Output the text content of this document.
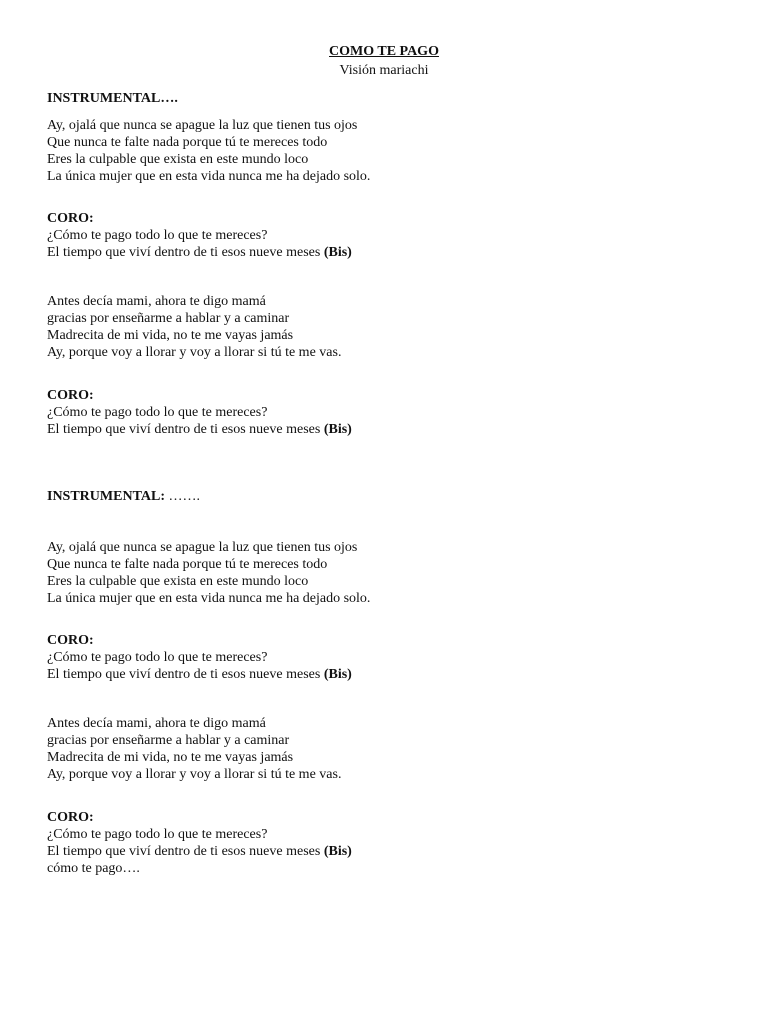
COMO TE PAGO
Visión mariachi
INSTRUMENTAL….
Ay, ojalá que nunca se apague la luz que tienen tus ojos
Que nunca te falte nada porque tú te mereces todo
Eres la culpable que exista en este mundo loco
La única mujer que en esta vida nunca me ha dejado solo.
CORO:
¿Cómo te pago todo lo que te mereces?
El tiempo que viví dentro de ti esos nueve meses (Bis)
Antes decía mami, ahora te digo mamá
gracias por enseñarme a hablar y a caminar
Madrecita de mi vida, no te me vayas jamás
Ay, porque voy a llorar y voy a llorar si tú te me vas.
CORO:
¿Cómo te pago todo lo que te mereces?
El tiempo que viví dentro de ti esos nueve meses (Bis)
INSTRUMENTAL: …….
Ay, ojalá que nunca se apague la luz que tienen tus ojos
Que nunca te falte nada porque tú te mereces todo
Eres la culpable que exista en este mundo loco
La única mujer que en esta vida nunca me ha dejado solo.
CORO:
¿Cómo te pago todo lo que te mereces?
El tiempo que viví dentro de ti esos nueve meses (Bis)
Antes decía mami, ahora te digo mamá
gracias por enseñarme a hablar y a caminar
Madrecita de mi vida, no te me vayas jamás
Ay, porque voy a llorar y voy a llorar si tú te me vas.
CORO:
¿Cómo te pago todo lo que te mereces?
El tiempo que viví dentro de ti esos nueve meses (Bis)
cómo te pago….
